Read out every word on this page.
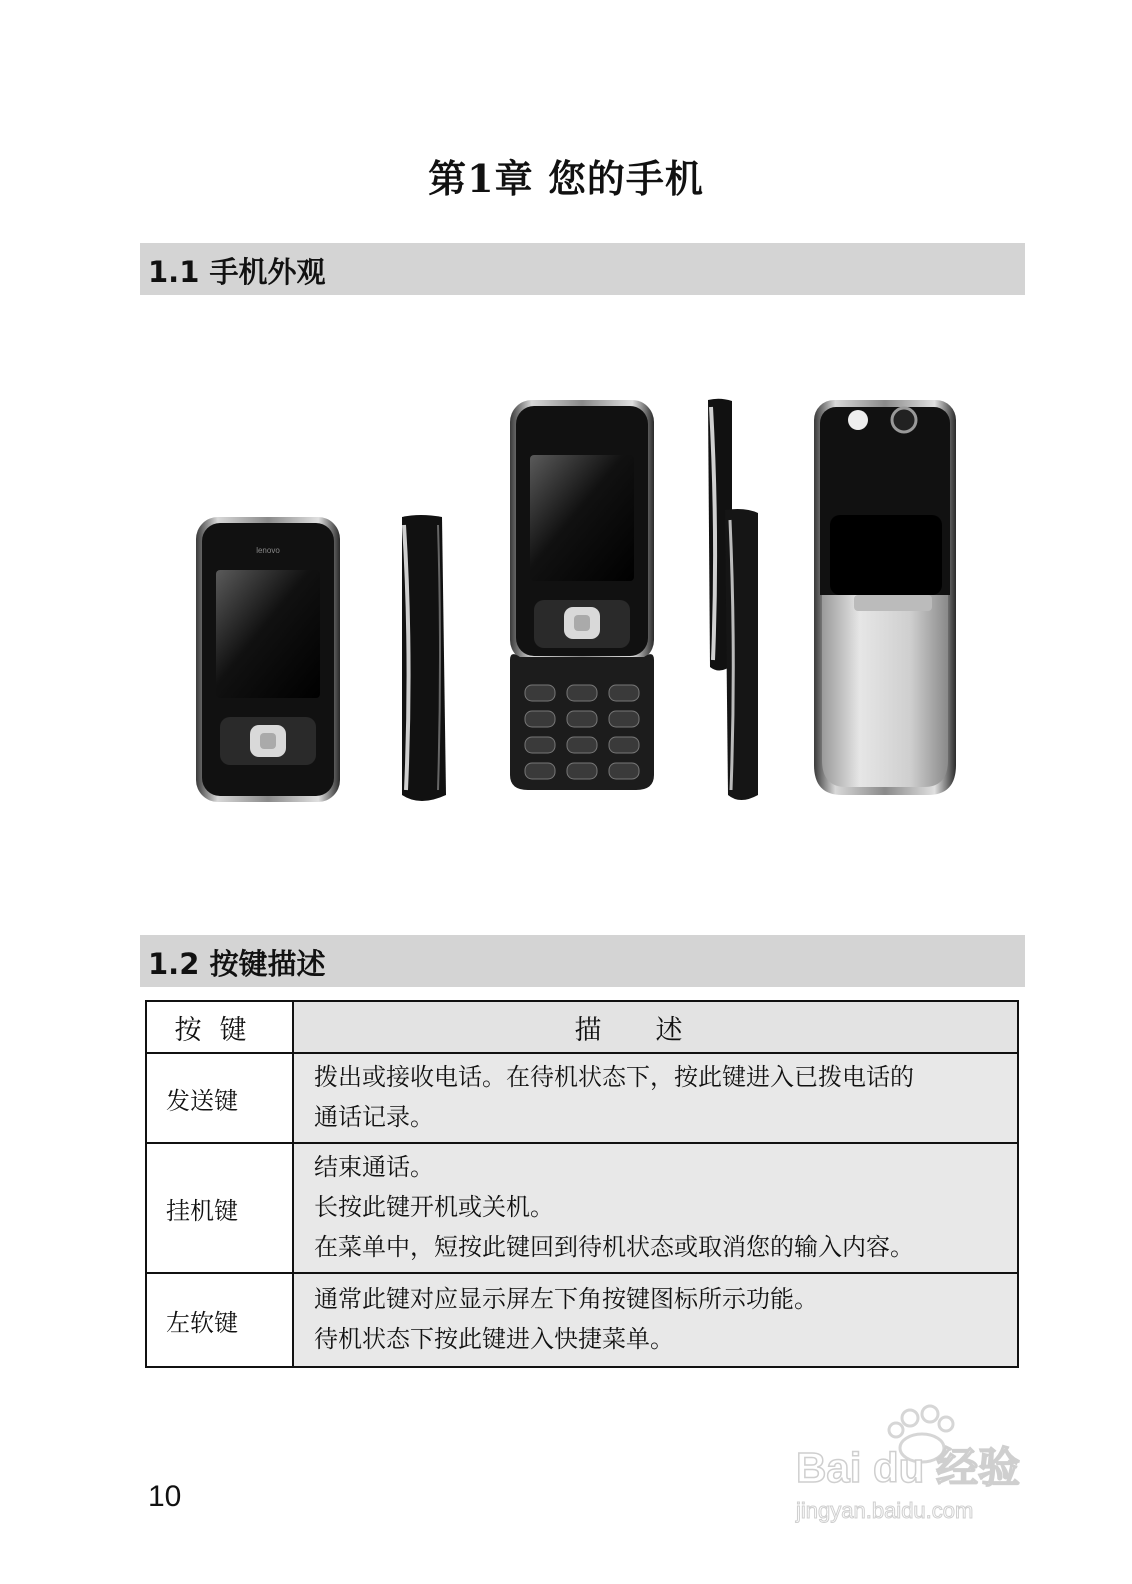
第1章 您的手机
1.1 手机外观
lenovo
1.2 按键描述
按键	描述
发送键	拨出或接收电话。在待机状态下，按此键进入已拨电话的
通话记录。

挂机键	结束通话。
长按此键开机或关机。
在菜单中，短按此键回到待机状态或取消您的输入内容。

左软键	通常此键对应显示屏左下角按键图标所示功能。
待机状态下按此键进入快捷菜单。
10
Bai du 经验
jingyan.baidu.com
